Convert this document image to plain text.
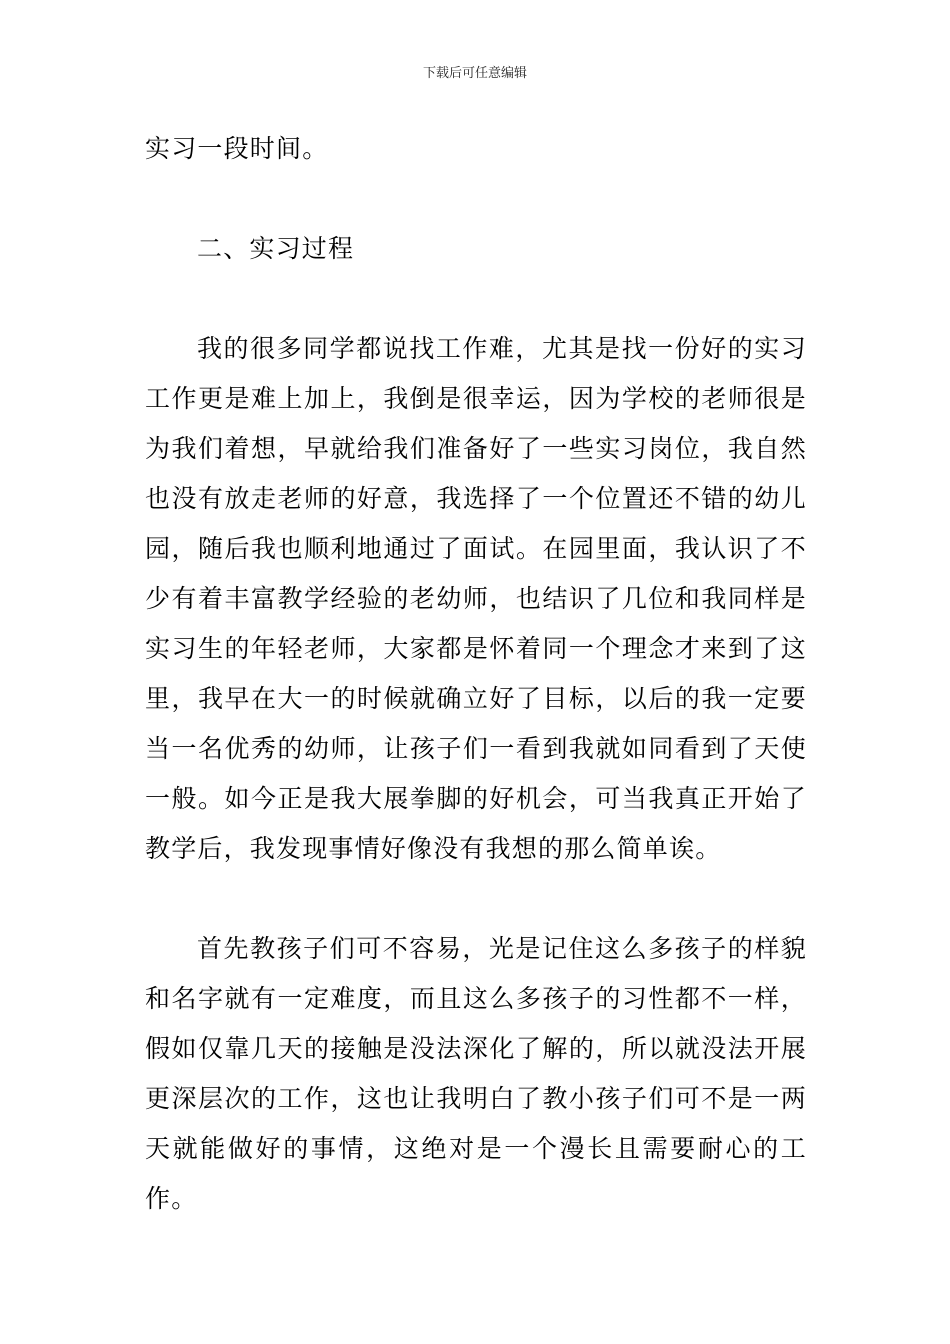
下载后可任意编辑

实习一段时间。

二、实习过程

我的很多同学都说找工作难，尤其是找一份好的实习工作更是难上加上，我倒是很幸运，因为学校的老师很是为我们着想，早就给我们准备好了一些实习岗位，我自然也没有放走老师的好意，我选择了一个位置还不错的幼儿园，随后我也顺利地通过了面试。在园里面，我认识了不少有着丰富教学经验的老幼师，也结识了几位和我同样是实习生的年轻老师，大家都是怀着同一个理念才来到了这里，我早在大一的时候就确立好了目标，以后的我一定要当一名优秀的幼师，让孩子们一看到我就如同看到了天使一般。如今正是我大展拳脚的好机会，可当我真正开始了教学后，我发现事情好像没有我想的那么简单诶。

首先教孩子们可不容易，光是记住这么多孩子的样貌和名字就有一定难度，而且这么多孩子的习性都不一样，假如仅靠几天的接触是没法深化了解的，所以就没法开展更深层次的工作，这也让我明白了教小孩子们可不是一两天就能做好的事情，这绝对是一个漫长且需要耐心的工作。
